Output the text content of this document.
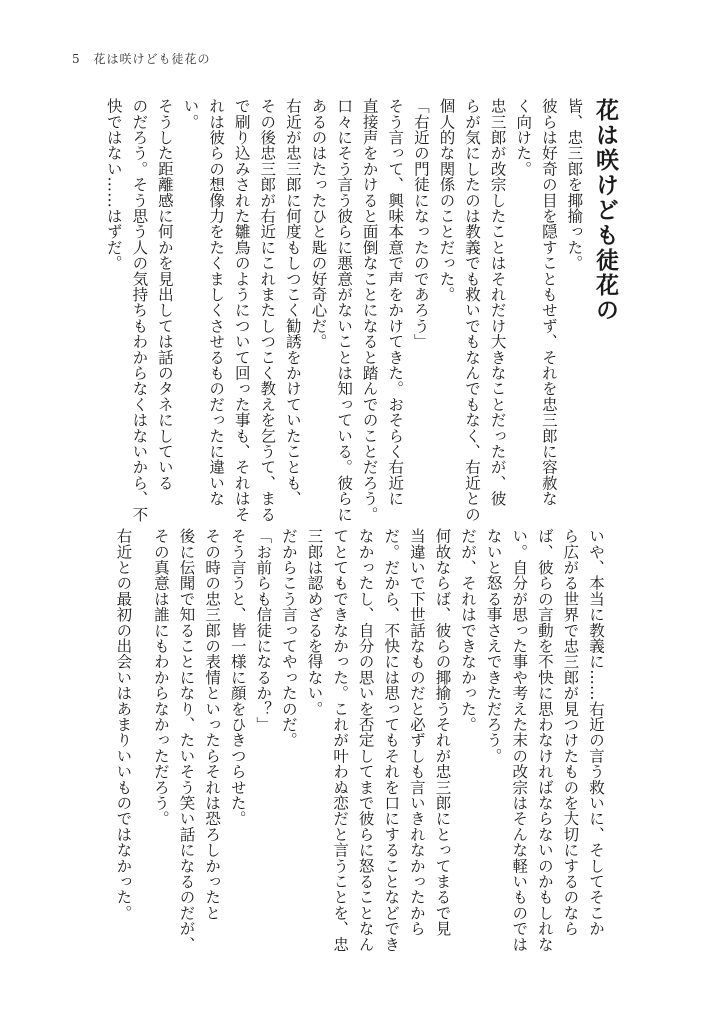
5 花は咲けども徒花の

花は咲けども徒花の

皆、忠三郎を揶揄った。

彼らは好奇の目を隠すこともせず、それを忠三郎に容赦な

く向けた。

忠三郎が改宗したことはそれだけ大きなことだったが、彼

らが気にしたのは教義でも救いでもなんでもなく、右近との

個人的な関係のことだった。

「右近の門徒になったのであろう」

そう言って、興味本意で声をかけてきた。おそらく右近に

直接声をかけると面倒なことになると踏んでのことだろう。

口々にそう言う彼らに悪意がないことは知っている。彼らに

あるのはたったひと匙の好奇心だ。

右近が忠三郎に何度もしつこく勧誘をかけていたことも、

その後忠三郎が右近にこれまたしつこく教えを乞うて、まる

で刷り込みされた雛鳥のようについて回った事も、それはそ

れは彼らの想像力をたくましくさせるものだったに違いな

い。

そうした距離感に何かを見出しては話のタネにしている

のだろう。そう思う人の気持ちもわからなくはないから、不

快ではない……はずだ。

いや、本当に教義に……右近の言う救いに、そしてそこか

ら広がる世界で忠三郎が見つけたものを大切にするのなら

ば、彼らの言動を不快に思わなければならないのかもしれな

い。自分が思った事や考えた末の改宗はそんな軽いものでは

ないと怒る事さえできただろう。

だが、それはできなかった。

何故ならば、彼らの揶揄うそれが忠三郎にとってまるで見

当違いで下世話なものだと必ずしも言いきれなかったから

だ。だから、不快には思ってもそれを口にすることなどでき

なかったし、自分の思いを否定してまで彼らに怒ることなん

てとてもできなかった。これが叶わぬ恋だと言うことを、忠

三郎は認めざるを得ない。

だからこう言ってやったのだ。

「お前らも信徒になるか？」

そう言うと、皆一様に顔をひきつらせた。

その時の忠三郎の表情といったらそれは恐ろしかったと

後に伝聞で知ることになり、たいそう笑い話になるのだが、

その真意は誰にもわからなかっただろう。

右近との最初の出会いはあまりいいものではなかった。
